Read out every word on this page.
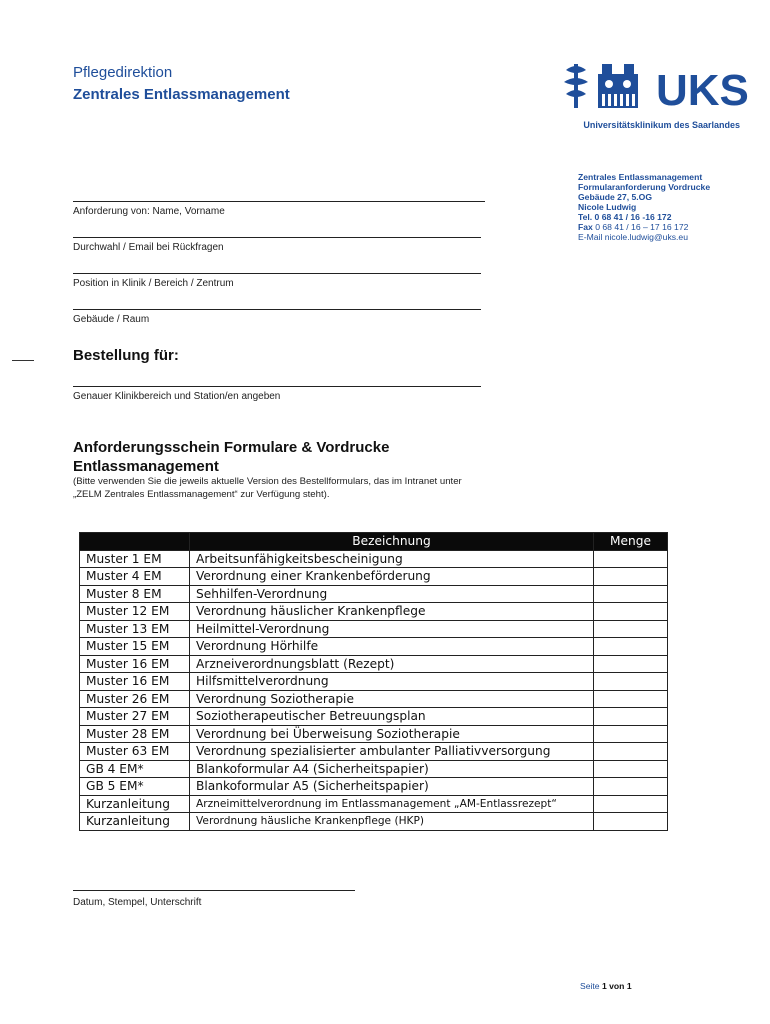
Pflegedirektion
Zentrales Entlassmanagement	UKS
Universitätsklinikum des Saarlandes
Zentrales Entlassmanagement
Formularanforderung Vordrucke
Gebäude 27, 5.OG
Nicole Ludwig
Tel. 0 68 41 / 16 -16 172
Fax 0 68 41 / 16 – 17 16 172
E-Mail nicole.ludwig@uks.eu
Anforderung von: Name, Vorname
Durchwahl / Email bei Rückfragen
Position in Klinik / Bereich / Zentrum
Gebäude / Raum
Bestellung für:
Genauer Klinikbereich und Station/en angeben
Anforderungsschein Formulare & Vordrucke
Entlassmanagement
(Bitte verwenden Sie die jeweils aktuelle Version des Bestellformulars, das im Intranet unter
„ZELM Zentrales Entlassmanagement“ zur Verfügung steht).
	Bezeichnung	Menge
Muster 1 EM	Arbeitsunfähigkeitsbescheinigung	
Muster 4 EM	Verordnung einer Krankenbeförderung	
Muster 8 EM	Sehhilfen-Verordnung	
Muster 12 EM	Verordnung häuslicher Krankenpflege	
Muster 13 EM	Heilmittel-Verordnung	
Muster 15 EM	Verordnung Hörhilfe	
Muster 16 EM	Arzneiverordnungsblatt (Rezept)	
Muster 16 EM	Hilfsmittelverordnung	
Muster 26 EM	Verordnung Soziotherapie	
Muster 27 EM	Soziotherapeutischer Betreuungsplan	
Muster 28 EM	Verordnung bei Überweisung Soziotherapie	
Muster 63 EM	Verordnung spezialisierter ambulanter Palliativversorgung	
GB 4 EM*	Blankoformular A4 (Sicherheitspapier)	
GB 5 EM*	Blankoformular A5 (Sicherheitspapier)	
Kurzanleitung	Arzneimittelverordnung im Entlassmanagement „AM-Entlassrezept“	
Kurzanleitung	Verordnung häusliche Krankenpflege (HKP)	
Datum, Stempel, Unterschrift
Seite 1 von 1
